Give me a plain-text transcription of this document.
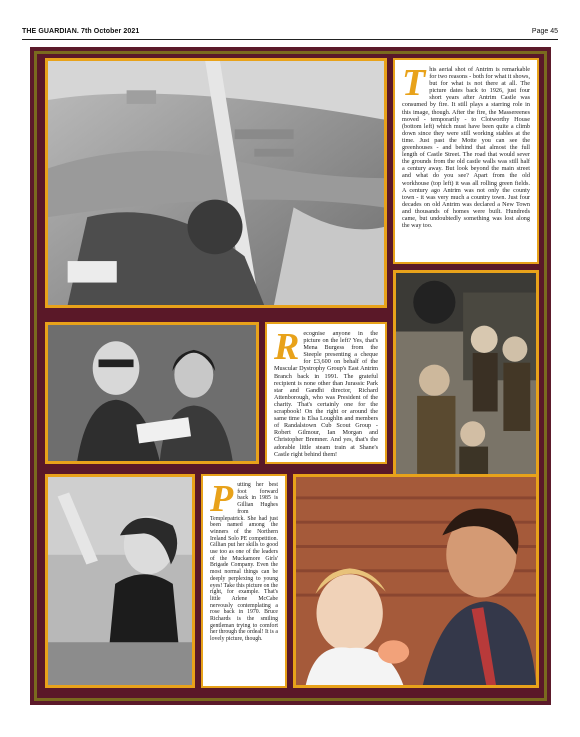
THE GUARDIAN. 7th October 2021	Page 45
T his aerial shot of Antrim is remarkable for two reasons - both for what it shows, but for what is not there at all. The picture dates back to 1926, just four short years after Antrim Castle was consumed by fire. It still plays a starring role in this image, though. After the fire, the Massereenes moved - temporarily - to Clotworthy House (bottom left) which must have been quite a climb down since they were still working stables at the time. Just past the Motte you can see the greenhouses - and behind that almost the full length of Castle Street. The road that would sever the grounds from the old castle walls was still half a century away. But look beyond the main street and what do you see? Apart from the old workhouse (top left) it was all rolling green fields. A century ago Antrim was not only the county town - it was very much a country town. Just four decades on old Antrim was declared a New Town and thousands of homes were built. Hundreds came, but undoubtedly something was lost along the way too.
R ecognise anyone in the picture on the left? Yes, that's Mena Burgess from the Steeple presenting a cheque for £3,600 on behalf of the Muscular Dystrophy Group's East Antrim Branch back in 1991. The grateful recipient is none other than Jurassic Park star and Gandhi director, Richard Attenborough, who was President of the charity. That's certainly one for the scrapbook! On the right or around the same time is Elsa Loughlin and members of Randalstown Cub Scout Group - Robert Gilmour, Ian Morgan and Christopher Bremner. And yes, that's the adorable little steam train at Shane's Castle right behind them!
P utting her best foot forward back in 1985 is Gillian Hughes from Templepatrick. She had just been named among the winners of the Northern Ireland Solo PE competition. Gillian put her skills to good use too as one of the leaders of the Muckamore Girls' Brigade Company. Even the most normal things can be deeply perplexing to young eyes! Take this picture on the right, for example. That's little Arlene McCabe nervously contemplating a rose back in 1970. Bruce Richards is the smiling gentleman trying to comfort her through the ordeal! It is a lovely picture, though.
